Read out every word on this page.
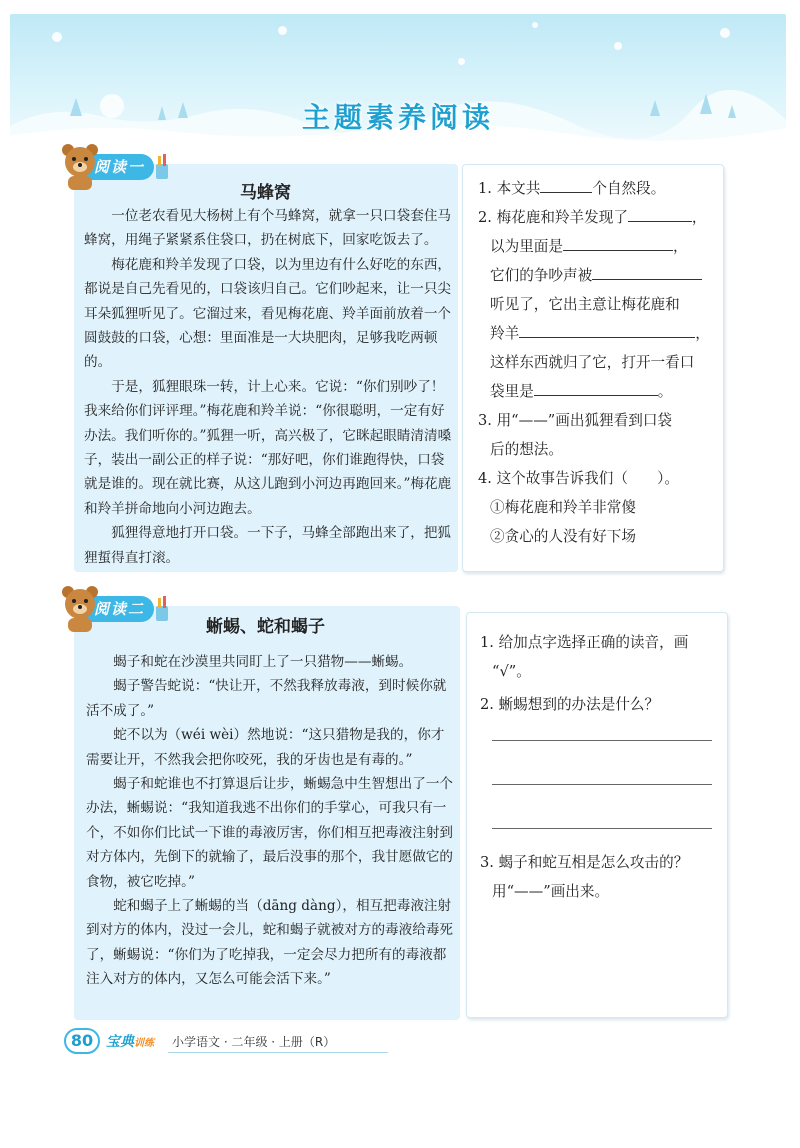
主题素养阅读
阅读一
马蜂窝

一位老农看见大杨树上有个马蜂窝，就拿一只口袋套住马蜂窝，用绳子紧紧系住袋口，扔在树底下，回家吃饭去了。

梅花鹿和羚羊发现了口袋，以为里边有什么好吃的东西，都说是自己先看见的，口袋该归自己。它们吵起来，让一只尖耳朵狐狸听见了。它溜过来，看见梅花鹿、羚羊面前放着一个圆鼓鼓的口袋，心想：里面准是一大块肥肉，足够我吃两顿的。

于是，狐狸眼珠一转，计上心来。它说：“你们别吵了！我来给你们评评理。”梅花鹿和羚羊说：“你很聪明，一定有好办法。我们听你的。”狐狸一听，高兴极了，它眯起眼睛清清嗓子，装出一副公正的样子说：“那好吧，你们谁跑得快，口袋就是谁的。现在就比赛，从这儿跑到小河边再跑回来。”梅花鹿和羚羊拼命地向小河边跑去。

狐狸得意地打开口袋。一下子，马蜂全部跑出来了，把狐狸蜇得直打滚。

1. 本文共	个自然段。
2. 梅花鹿和羚羊发现了	，
以为里面是	，
它们的争吵声被
听见了，它出主意让梅花鹿和
羚羊	，
这样东西就归了它，打开一看口
袋里是	。
3. 用“——”画出狐狸看到口袋
后的想法。
4. 这个故事告诉我们（　　）。
①梅花鹿和羚羊非常傻
②贪心的人没有好下场
阅读二
蜥蜴、蛇和蝎子

蝎子和蛇在沙漠里共同盯上了一只猎物——蜥蜴。

蝎子警告蛇说：“快让开，不然我释放毒液，到时候你就活不成了。”

蛇不以为（wéi wèi）然地说：“这只猎物是我的，你才需要让开，不然我会把你咬死，我的牙齿也是有毒的。”

蝎子和蛇谁也不打算退后让步，蜥蜴急中生智想出了一个办法，蜥蜴说：“我知道我逃不出你们的手掌心，可我只有一个，不如你们比试一下谁的毒液厉害，你们相互把毒液注射到对方体内，先倒下的就输了，最后没事的那个，我甘愿做它的食物，被它吃掉。”

蛇和蝎子上了蜥蜴的当（dāng dàng），相互把毒液注射到对方的体内，没过一会儿，蛇和蝎子就被对方的毒液给毒死了，蜥蜴说：“你们为了吃掉我，一定会尽力把所有的毒液都注入对方的体内，又怎么可能会活下来。”

1. 给加点字选择正确的读音，画
“√”。
2. 蜥蜴想到的办法是什么？
3. 蝎子和蛇互相是怎么攻击的？
用“——”画出来。
80 宝典训练 小学语文 · 二年级 · 上册（R）
